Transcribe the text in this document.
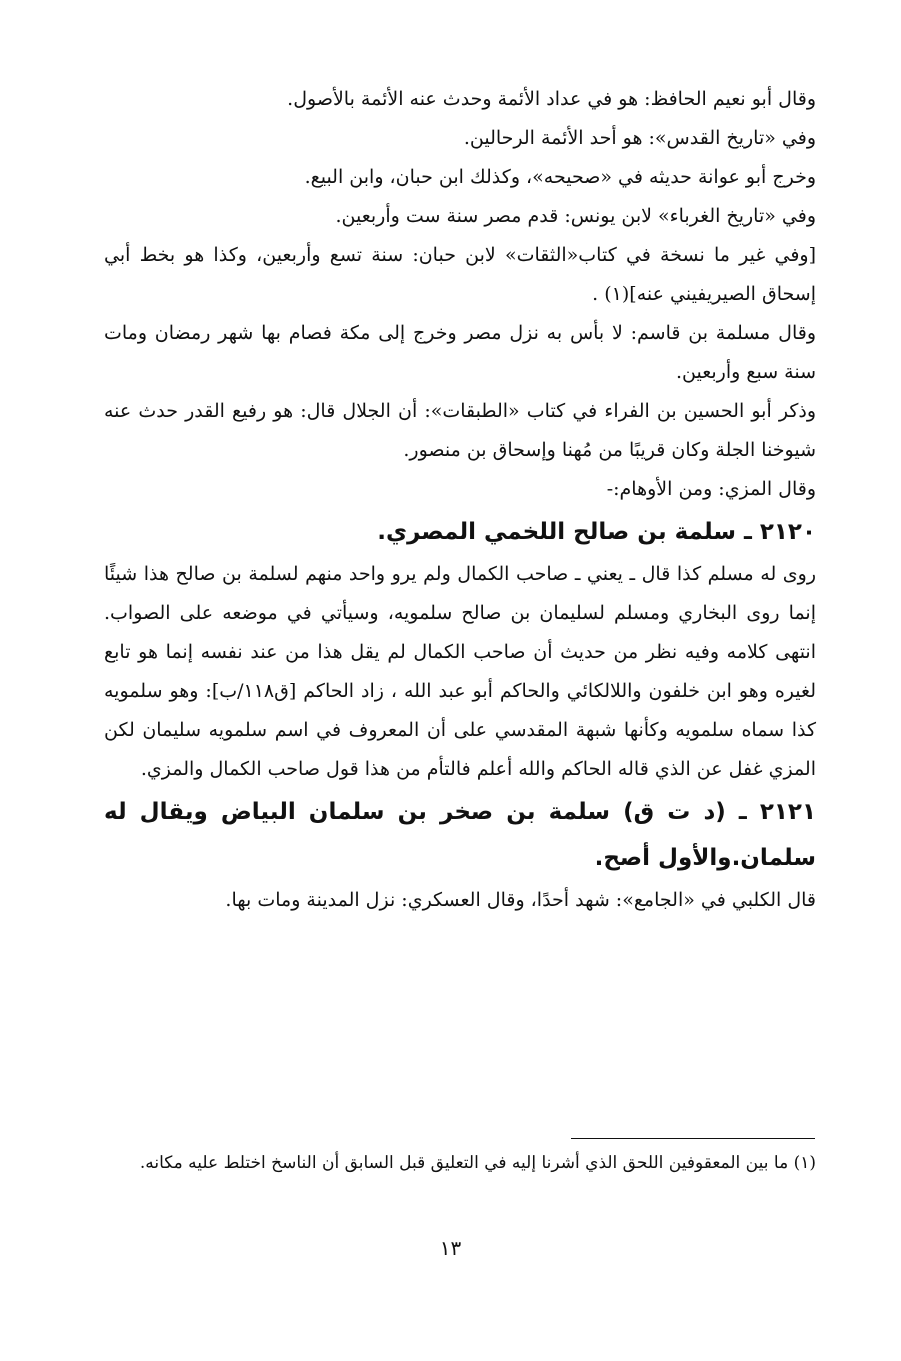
وقال أبو نعيم الحافظ: هو في عداد الأئمة وحدث عنه الأئمة بالأصول.

وفي «تاريخ القدس»: هو أحد الأئمة الرحالين.

وخرج أبو عوانة حديثه في «صحيحه»، وكذلك ابن حبان، وابن البيع.

وفي «تاريخ الغرباء» لابن يونس: قدم مصر سنة ست وأربعين.

[وفي غير ما نسخة في كتاب«الثقات» لابن حبان: سنة تسع وأربعين، وكذا هو بخط أبي إسحاق الصيريفيني عنه](١) .

وقال مسلمة بن قاسم: لا بأس به نزل مصر وخرج إلى مكة فصام بها شهر رمضان ومات سنة سبع وأربعين.

وذكر أبو الحسين بن الفراء في كتاب «الطبقات»: أن الجلال قال: هو رفيع القدر حدث عنه شيوخنا الجلة وكان قريبًا من مُهنا وإسحاق بن منصور.

وقال المزي: ومن الأوهام:-

٢١٢٠ ـ سلمة بن صالح اللخمي المصري.

روى له مسلم كذا قال ـ يعني ـ صاحب الكمال ولم يرو واحد منهم لسلمة بن صالح هذا شيئًا إنما روى البخاري ومسلم لسليمان بن صالح سلمويه، وسيأتي في موضعه على الصواب. انتهى كلامه وفيه نظر من حديث أن صاحب الكمال لم يقل هذا من عند نفسه إنما هو تابع لغيره وهو ابن خلفون واللالكائي والحاكم أبو عبد الله ، زاد الحاكم [ق١١٨/ب]: وهو سلمويه كذا سماه سلمويه وكأنها شبهة المقدسي على أن المعروف في اسم سلمويه سليمان لكن المزي غفل عن الذي قاله الحاكم والله أعلم فالتأم من هذا قول صاحب الكمال والمزي.

٢١٢١ ـ (د ت ق) سلمة بن صخر بن سلمان البياض ويقال له سلمان.والأول أصح.

قال الكلبي في «الجامع»: شهد أحدًا، وقال العسكري: نزل المدينة ومات بها.

(١) ما بين المعقوفين اللحق الذي أشرنا إليه في التعليق قبل السابق أن الناسخ اختلط عليه مكانه.
١٣
